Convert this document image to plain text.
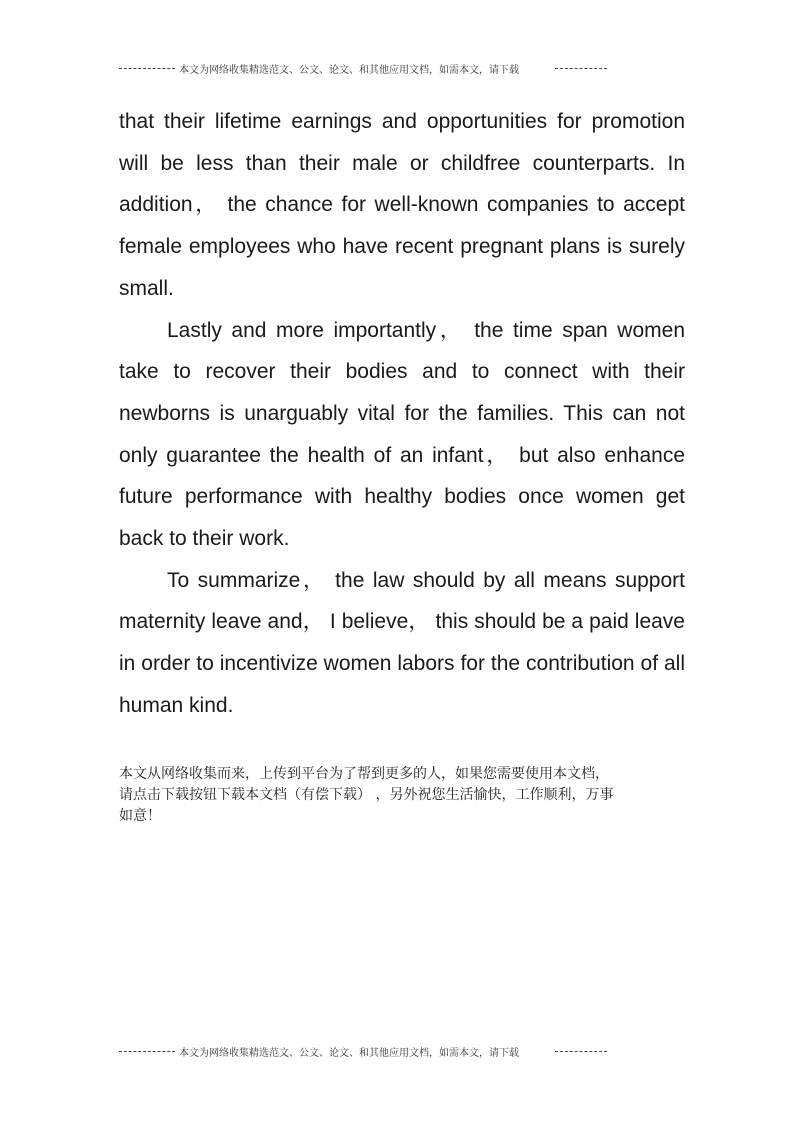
本文为网络收集精选范文、公文、论文、和其他应用文档，如需本文，请下载

that their lifetime earnings and opportunities for promotion will be less than their male or childfree counterparts. In addition， the chance for well-known companies to accept female employees who have recent pregnant plans is surely small.

Lastly and more importantly， the time span women take to recover their bodies and to connect with their newborns is unarguably vital for the families. This can not only guarantee the health of an infant， but also enhance future performance with healthy bodies once women get back to their work.

To summarize， the law should by all means support maternity leave and， I believe， this should be a paid leave in order to incentivize women labors for the contribution of all human kind.

本文从网络收集而来，上传到平台为了帮到更多的人，如果您需要使用本文档，

请点击下载按钮下载本文档（有偿下载） ，另外祝您生活愉快，工作顺利，万事

如意！

本文为网络收集精选范文、公文、论文、和其他应用文档，如需本文，请下载
